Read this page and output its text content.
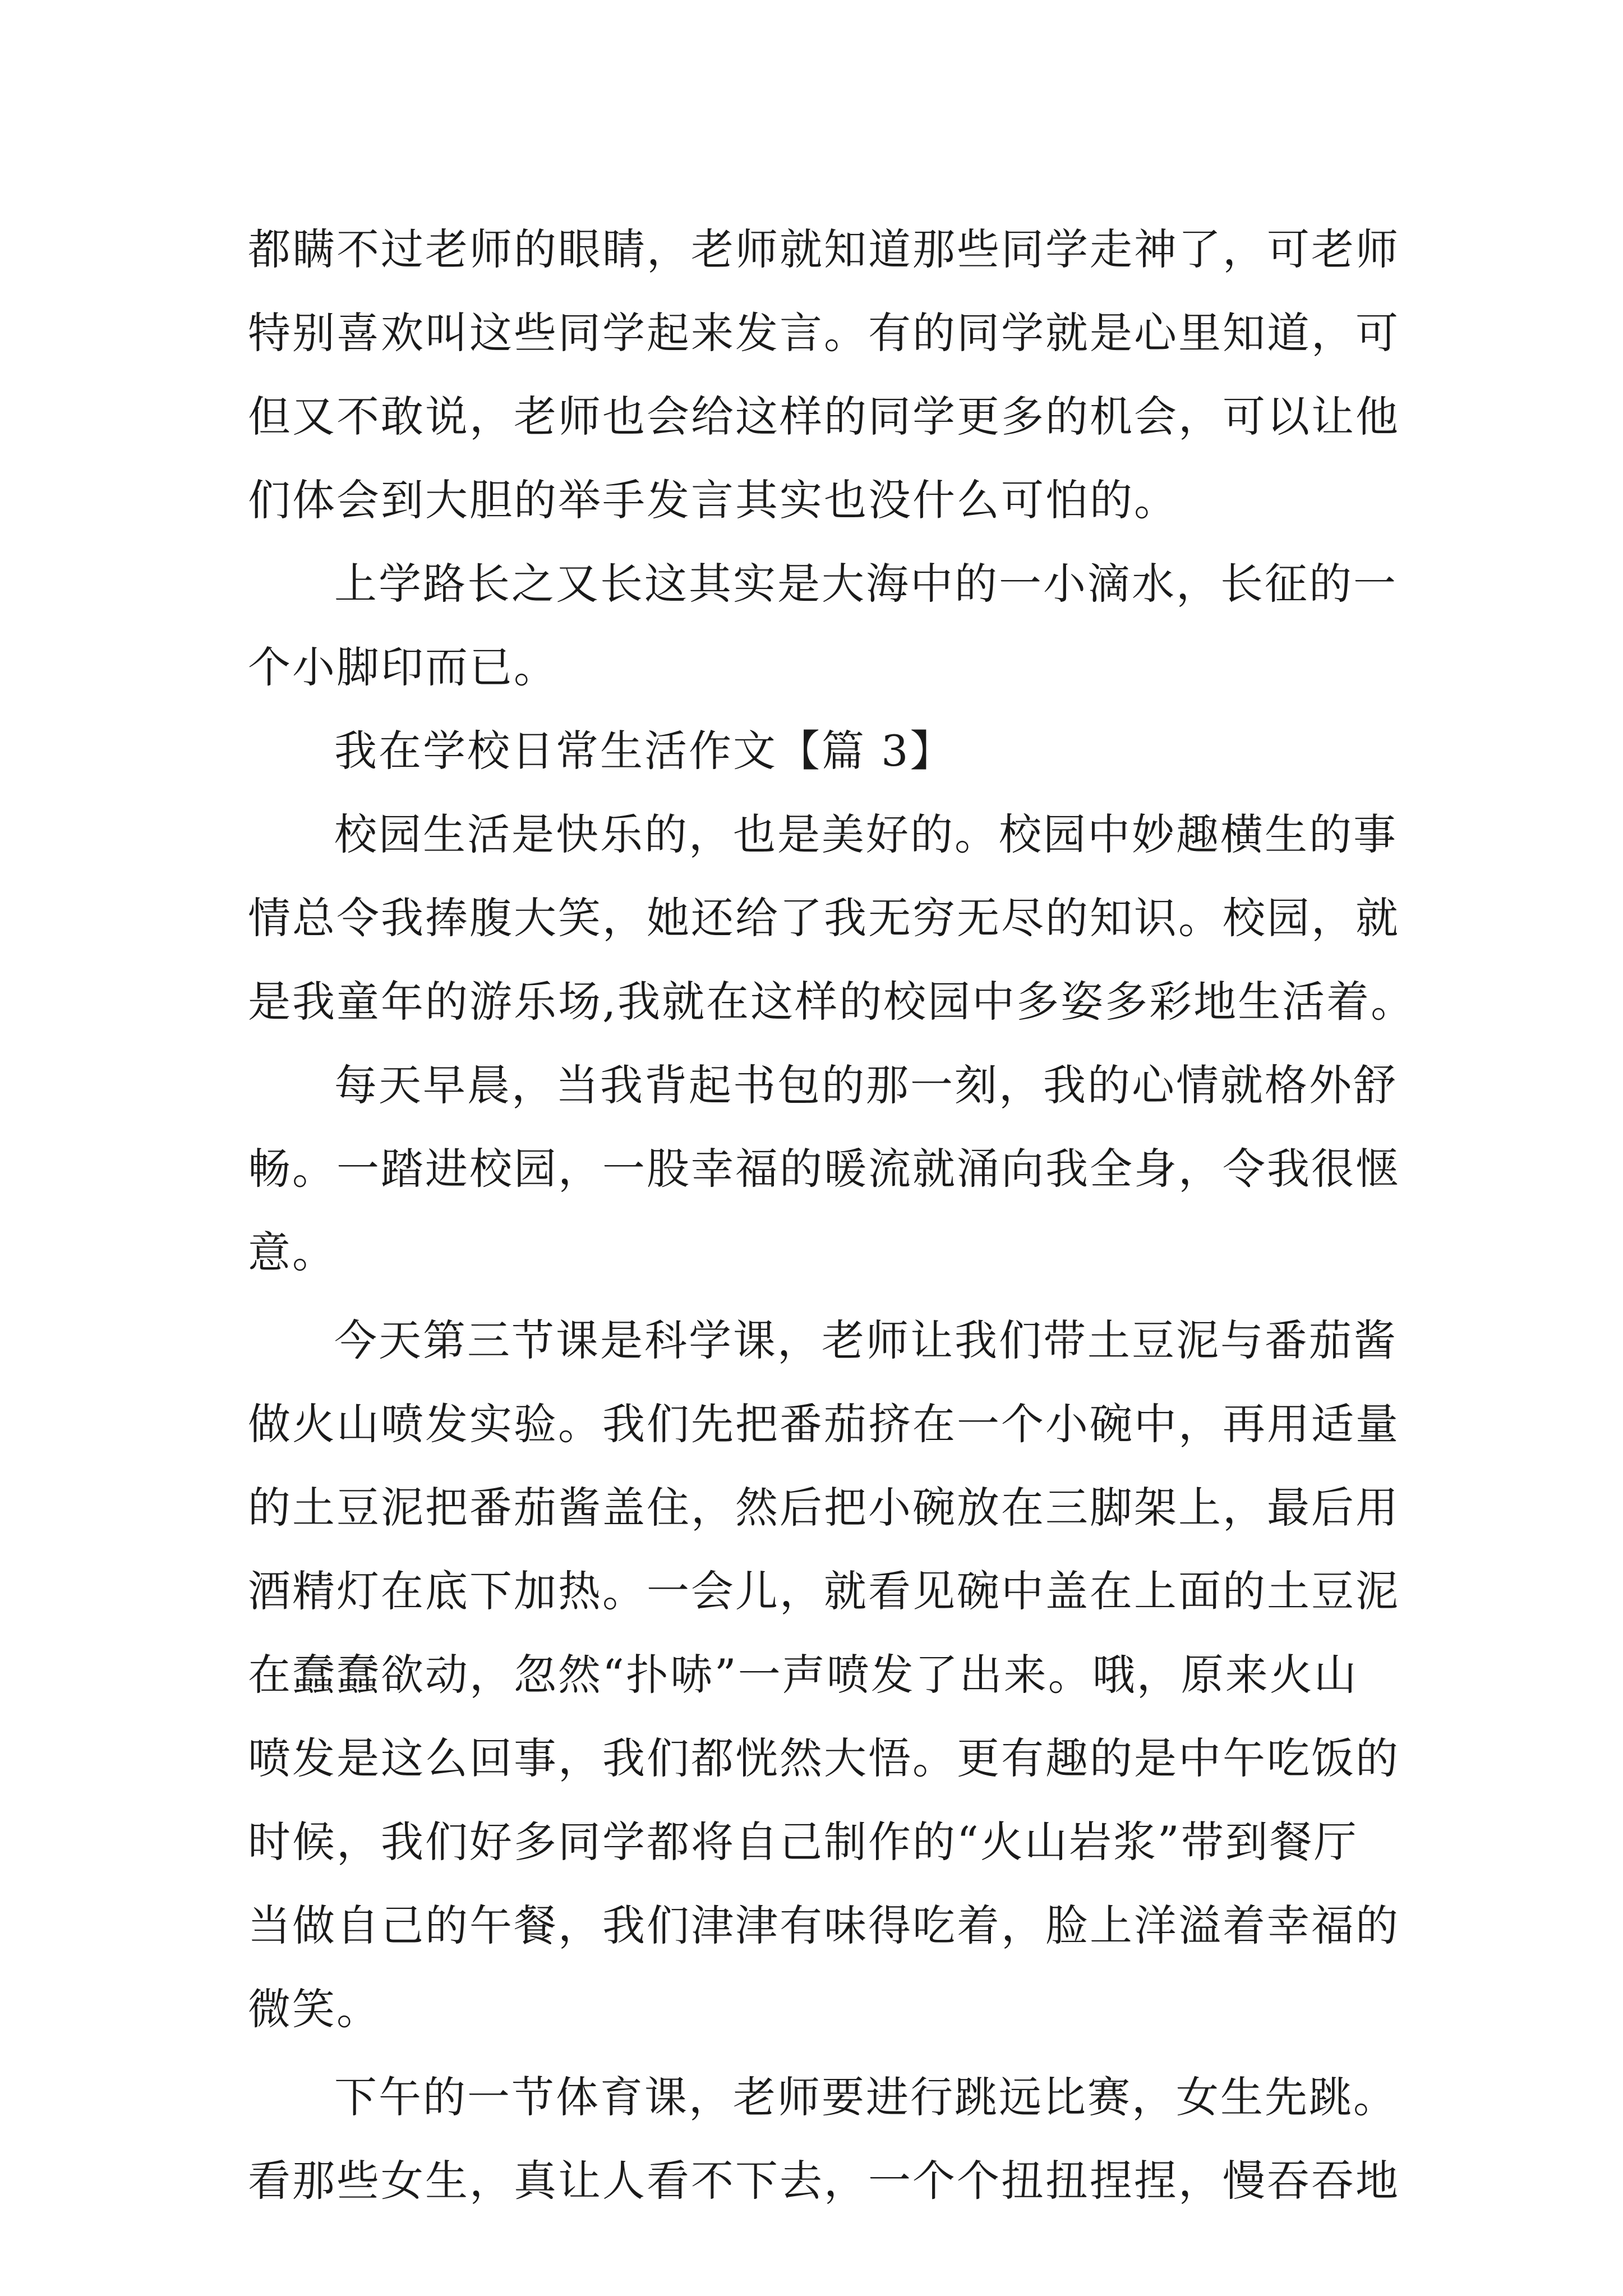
都瞒不过老师的眼睛，老师就知道那些同学走神了，可老师
特别喜欢叫这些同学起来发言。有的同学就是心里知道，可
但又不敢说，老师也会给这样的同学更多的机会，可以让他
们体会到大胆的举手发言其实也没什么可怕的。
上学路长之又长这其实是大海中的一小滴水，长征的一
个小脚印而已。
我在学校日常生活作文【篇 3】
校园生活是快乐的，也是美好的。校园中妙趣横生的事
情总令我捧腹大笑，她还给了我无穷无尽的知识。校园，就
是我童年的游乐场,我就在这样的校园中多姿多彩地生活着。
每天早晨，当我背起书包的那一刻，我的心情就格外舒
畅。一踏进校园，一股幸福的暖流就涌向我全身，令我很惬
意。
今天第三节课是科学课，老师让我们带土豆泥与番茄酱
做火山喷发实验。我们先把番茄挤在一个小碗中，再用适量
的土豆泥把番茄酱盖住，然后把小碗放在三脚架上，最后用
酒精灯在底下加热。一会儿，就看见碗中盖在上面的土豆泥
在蠢蠢欲动，忽然“扑哧”一声喷发了出来。哦，原来火山
喷发是这么回事，我们都恍然大悟。更有趣的是中午吃饭的
时候，我们好多同学都将自己制作的“火山岩浆”带到餐厅
当做自己的午餐，我们津津有味得吃着，脸上洋溢着幸福的
微笑。
下午的一节体育课，老师要进行跳远比赛，女生先跳。
看那些女生，真让人看不下去，一个个扭扭捏捏，慢吞吞地
